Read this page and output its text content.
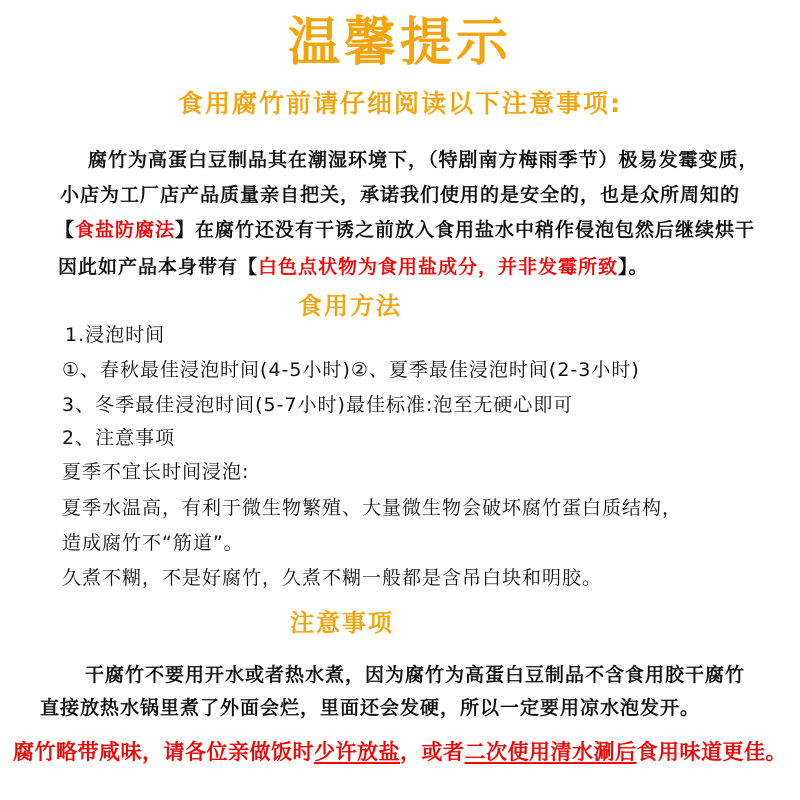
温馨提示
食用腐竹前请仔细阅读以下注意事项:
腐竹为高蛋白豆制品其在潮湿环境下，（特剧南方梅雨季节）极易发霉变质，
小店为工厂店产品质量亲自把关，承诺我们使用的是安全的，也是众所周知的
【食盐防腐法】在腐竹还没有干诱之前放入食用盐水中稍作侵泡包然后继续烘干
因此如产品本身带有【白色点状物为食用盐成分，并非发霉所致】。
食用方法
1.浸泡时间
①、春秋最佳浸泡时间(4-5小时)②、夏季最佳浸泡时间(2-3小时)
3、冬季最佳浸泡时间(5-7小时)最佳标准:泡至无硬心即可
2、注意事项
夏季不宜长时间浸泡:
夏季水温高，有利于微生物繁殖、大量微生物会破坏腐竹蛋白质结构，
造成腐竹不“筋道”。
久煮不糊，不是好腐竹，久煮不糊一般都是含吊白块和明胶。
注意事项
干腐竹不要用开水或者热水煮，因为腐竹为高蛋白豆制品不含食用胶干腐竹
直接放热水锅里煮了外面会烂，里面还会发硬，所以一定要用凉水泡发开。
腐竹略带咸味，请各位亲做饭时少许放盐，或者二次使用清水涮后食用味道更佳。
